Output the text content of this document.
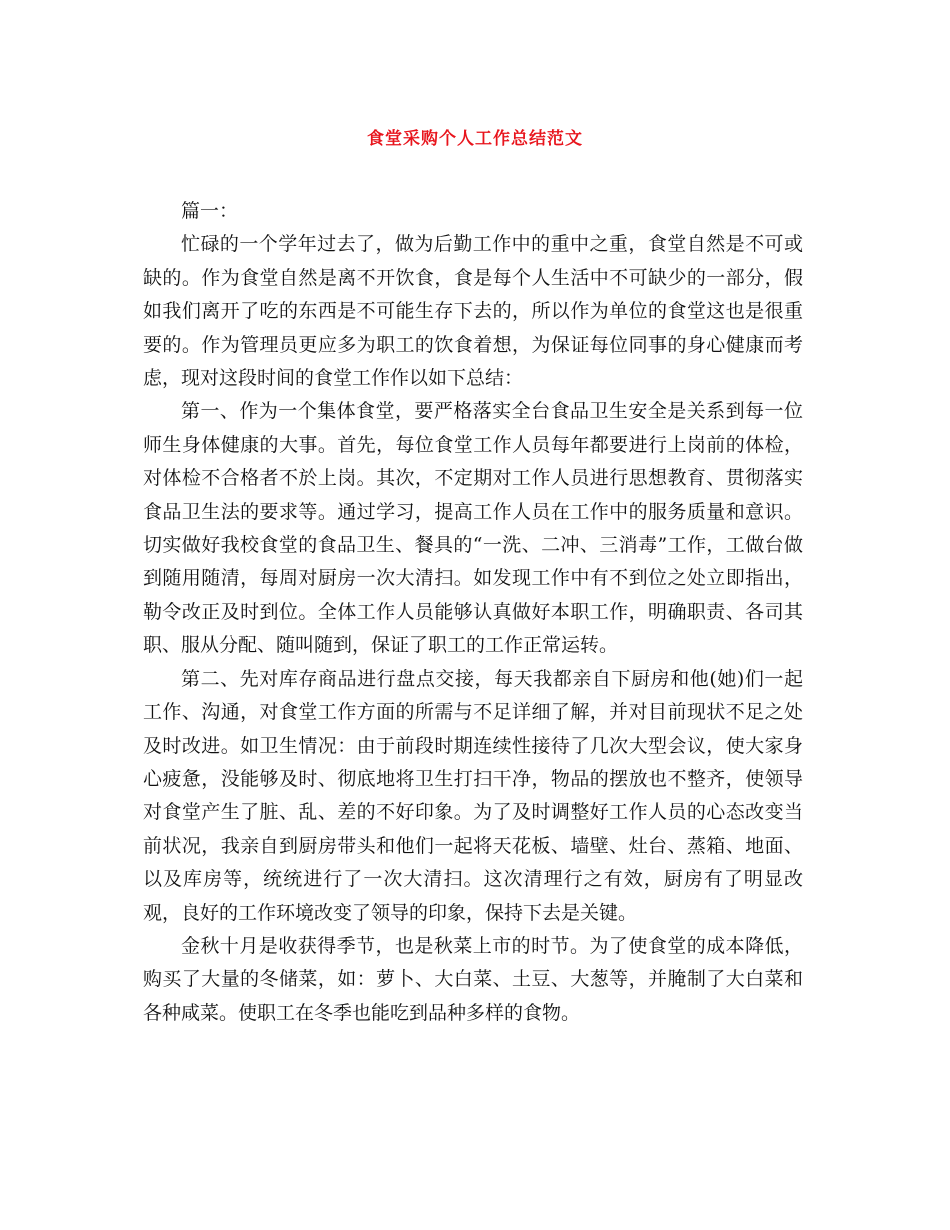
食堂采购个人工作总结范文

篇一：

忙碌的一个学年过去了，做为后勤工作中的重中之重，食堂自然是不可或缺的。作为食堂自然是离不开饮食，食是每个人生活中不可缺少的一部分，假如我们离开了吃的东西是不可能生存下去的，所以作为单位的食堂这也是很重要的。作为管理员更应多为职工的饮食着想，为保证每位同事的身心健康而考虑，现对这段时间的食堂工作作以如下总结：

第一、作为一个集体食堂，要严格落实全台食品卫生安全是关系到每一位师生身体健康的大事。首先，每位食堂工作人员每年都要进行上岗前的体检，对体检不合格者不於上岗。其次，不定期对工作人员进行思想教育、贯彻落实食品卫生法的要求等。通过学习，提高工作人员在工作中的服务质量和意识。切实做好我校食堂的食品卫生、餐具的“一洗、二冲、三消毒”工作，工做台做到随用随清，每周对厨房一次大清扫。如发现工作中有不到位之处立即指出，勒令改正及时到位。全体工作人员能够认真做好本职工作，明确职责、各司其职、服从分配、随叫随到，保证了职工的工作正常运转。

第二、先对库存商品进行盘点交接，每天我都亲自下厨房和他(她)们一起工作、沟通，对食堂工作方面的所需与不足详细了解，并对目前现状不足之处及时改进。如卫生情况：由于前段时期连续性接待了几次大型会议，使大家身心疲惫，没能够及时、彻底地将卫生打扫干净，物品的摆放也不整齐，使领导对食堂产生了脏、乱、差的不好印象。为了及时调整好工作人员的心态改变当前状况，我亲自到厨房带头和他们一起将天花板、墙壁、灶台、蒸箱、地面、以及库房等，统统进行了一次大清扫。这次清理行之有效，厨房有了明显改观，良好的工作环境改变了领导的印象，保持下去是关键。

金秋十月是收获得季节，也是秋菜上市的时节。为了使食堂的成本降低，购买了大量的冬储菜，如：萝卜、大白菜、土豆、大葱等，并腌制了大白菜和各种咸菜。使职工在冬季也能吃到品种多样的食物。
